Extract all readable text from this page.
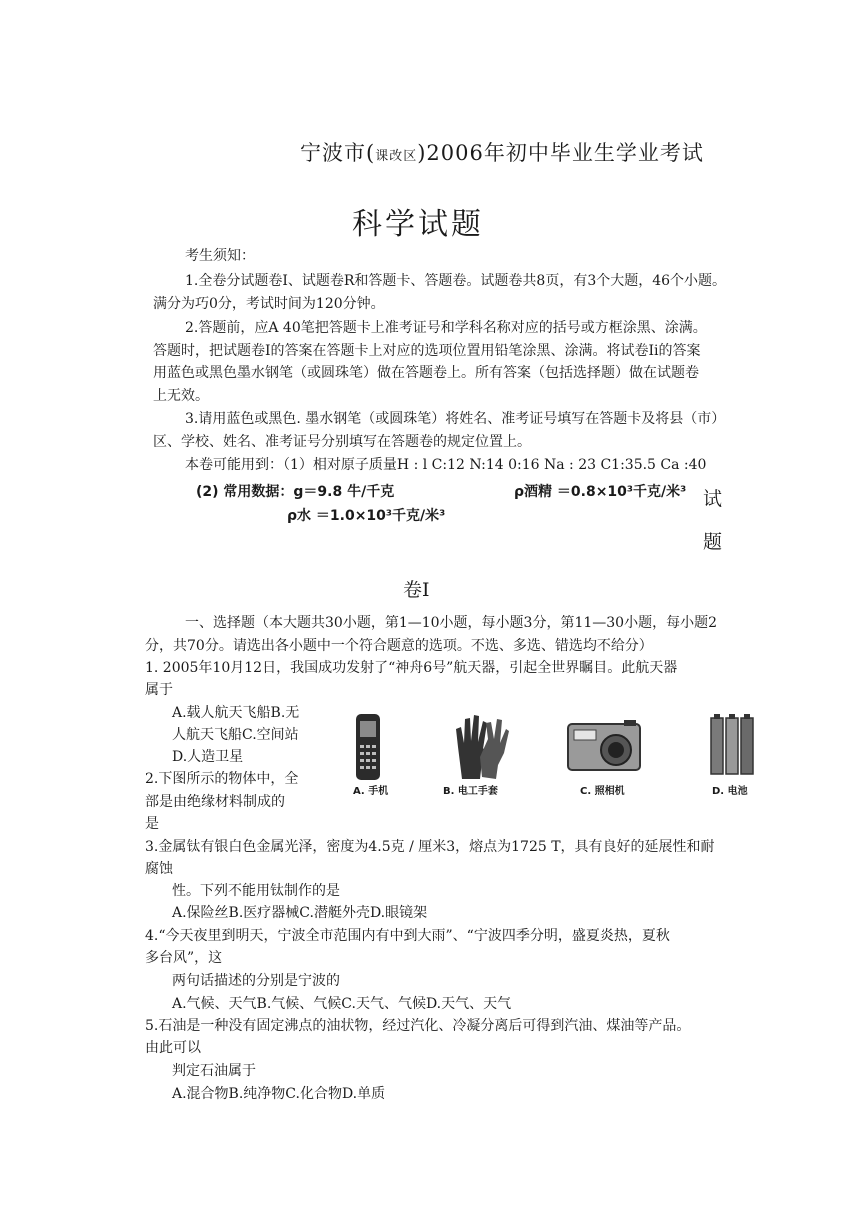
宁波市(课改区)2006年初中毕业生学业考试
科学试题
考生须知：
1.全卷分试题卷I、试题卷R和答题卡、答题卷。试题卷共8页，有3个大题，46个小题。
满分为巧0分，考试时间为120分钟。
2.答题前，应A 40笔把答题卡上准考证号和学科名称对应的括号或方框涂黑、涂满。
答题时，把试题卷I的答案在答题卡上对应的选项位置用铅笔涂黑、涂满。将试卷Ii的答案
用蓝色或黑色墨水钢笔（或圆珠笔）做在答题卷上。所有答案（包括选择题）做在试题卷
上无效。
3.请用蓝色或黑色. 墨水钢笔（或圆珠笔）将姓名、准考证号填写在答题卡及将县（市）
区、学校、姓名、准考证号分别填写在答题卷的规定位置上。
本卷可能用到：（1）相对原子质量H : l C:12 N:14 0:16 Na : 23 C1:35.5 Ca :40
(2) 常用数据：g＝9.8 牛/千克	ρ酒精 ＝0.8×10³千克/米³
ρ水 ＝1.0×10³千克/米³
试
题
卷I
一、选择题（本大题共30小题，第1—10小题，每小题3分，第11—30小题，每小题2
分，共70分。请选出各小题中一个符合题意的选项。不选、多选、错选均不给分）
1. 2005年10月12日，我国成功发射了“神舟6号”航天器，引起全世界瞩目。此航天器
属于
A.载人航天飞船B.无
人航天飞船C.空间站
D.人造卫星
2.下图所示的物体中，全
部是由绝缘材料制成的
是
A. 手机	B. 电工手套	C. 照相机	D. 电池
3.金属钛有银白色金属光泽，密度为4.5克 / 厘米3，熔点为1725 T，具有良好的延展性和耐
腐蚀
性。下列不能用钛制作的是
A.保险丝B.医疗器械C.潜艇外壳D.眼镜架
4.“今天夜里到明天，宁波全市范围内有中到大雨”、“宁波四季分明，盛夏炎热，夏秋
多台风”，这
两句话描述的分别是宁波的
A.气候、天气B.气候、气候C.天气、气候D.天气、天气
5.石油是一种没有固定沸点的油状物，经过汽化、冷凝分离后可得到汽油、煤油等产品。
由此可以
判定石油属于
A.混合物B.纯净物C.化合物D.单质
